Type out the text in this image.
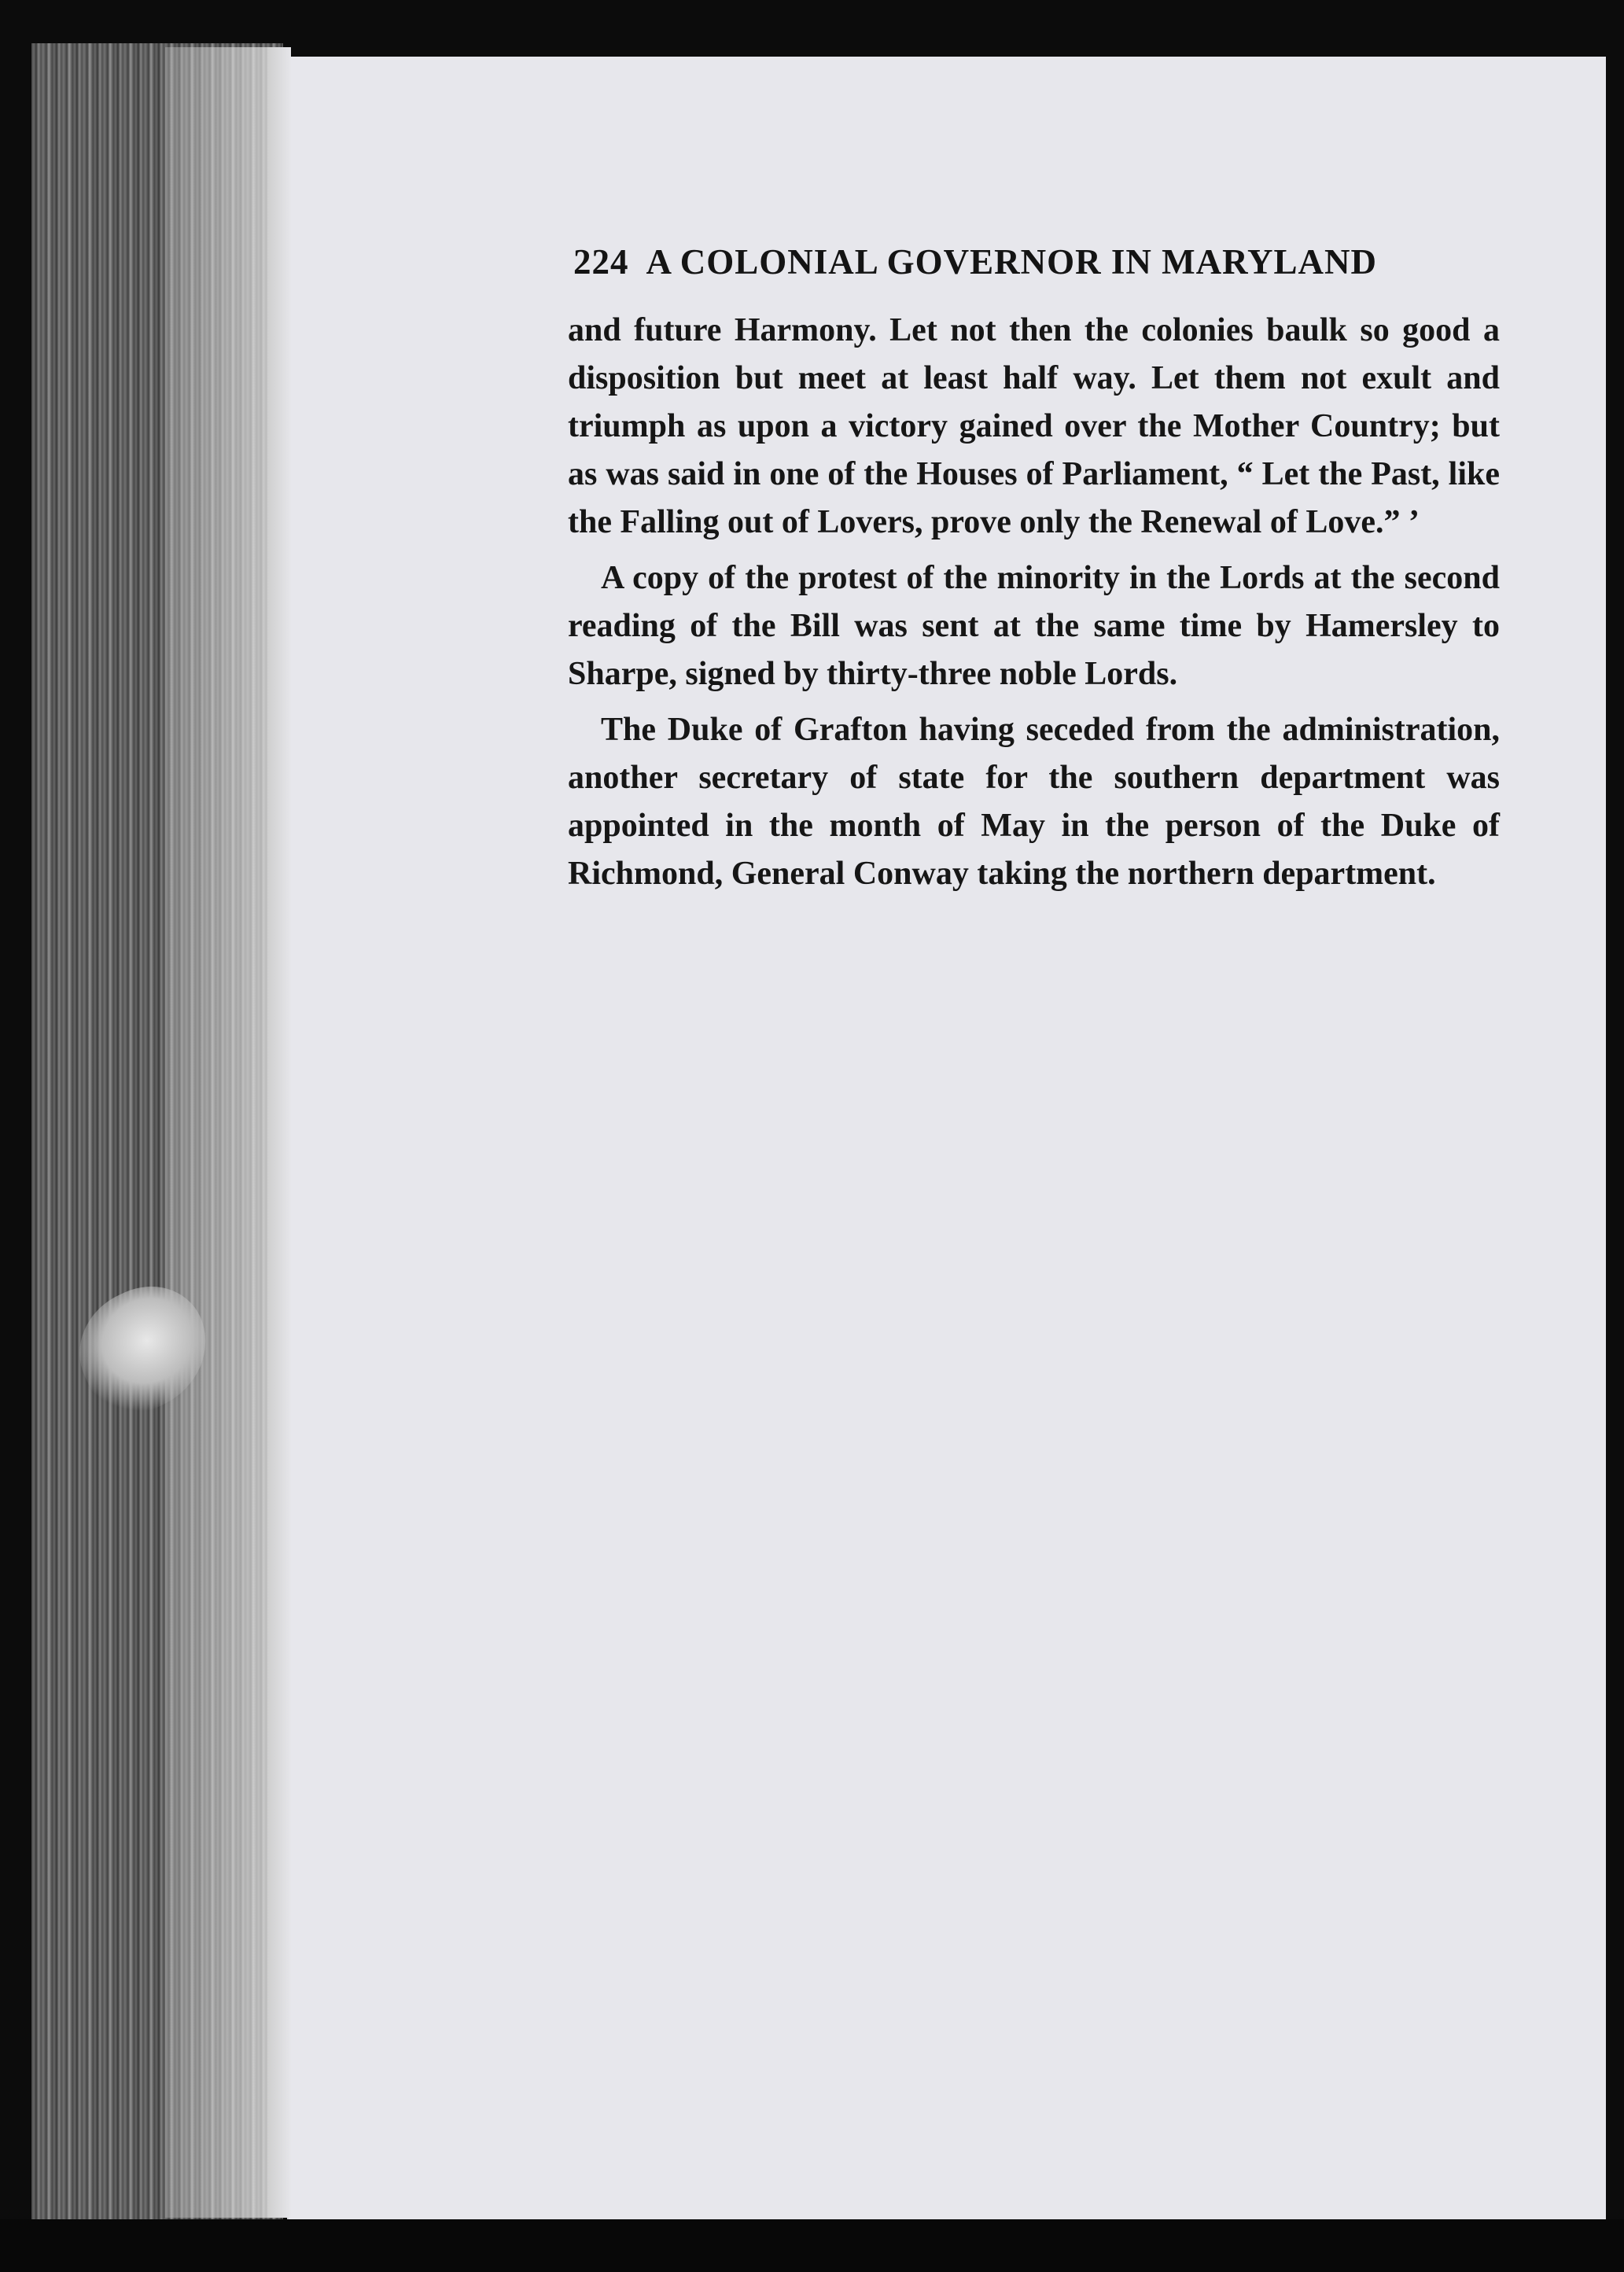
224 A COLONIAL GOVERNOR IN MARYLAND

and future Harmony. Let not then the colonies baulk so good a disposition but meet at least half way. Let them not exult and triumph as upon a victory gained over the Mother Country; but as was said in one of the Houses of Parliament, “ Let the Past, like the Falling out of Lovers, prove only the Renewal of Love.” ’

A copy of the protest of the minority in the Lords at the second reading of the Bill was sent at the same time by Hamersley to Sharpe, signed by thirty-three noble Lords.

The Duke of Grafton having seceded from the administration, another secretary of state for the southern department was appointed in the month of May in the person of the Duke of Richmond, General Conway taking the northern department.
